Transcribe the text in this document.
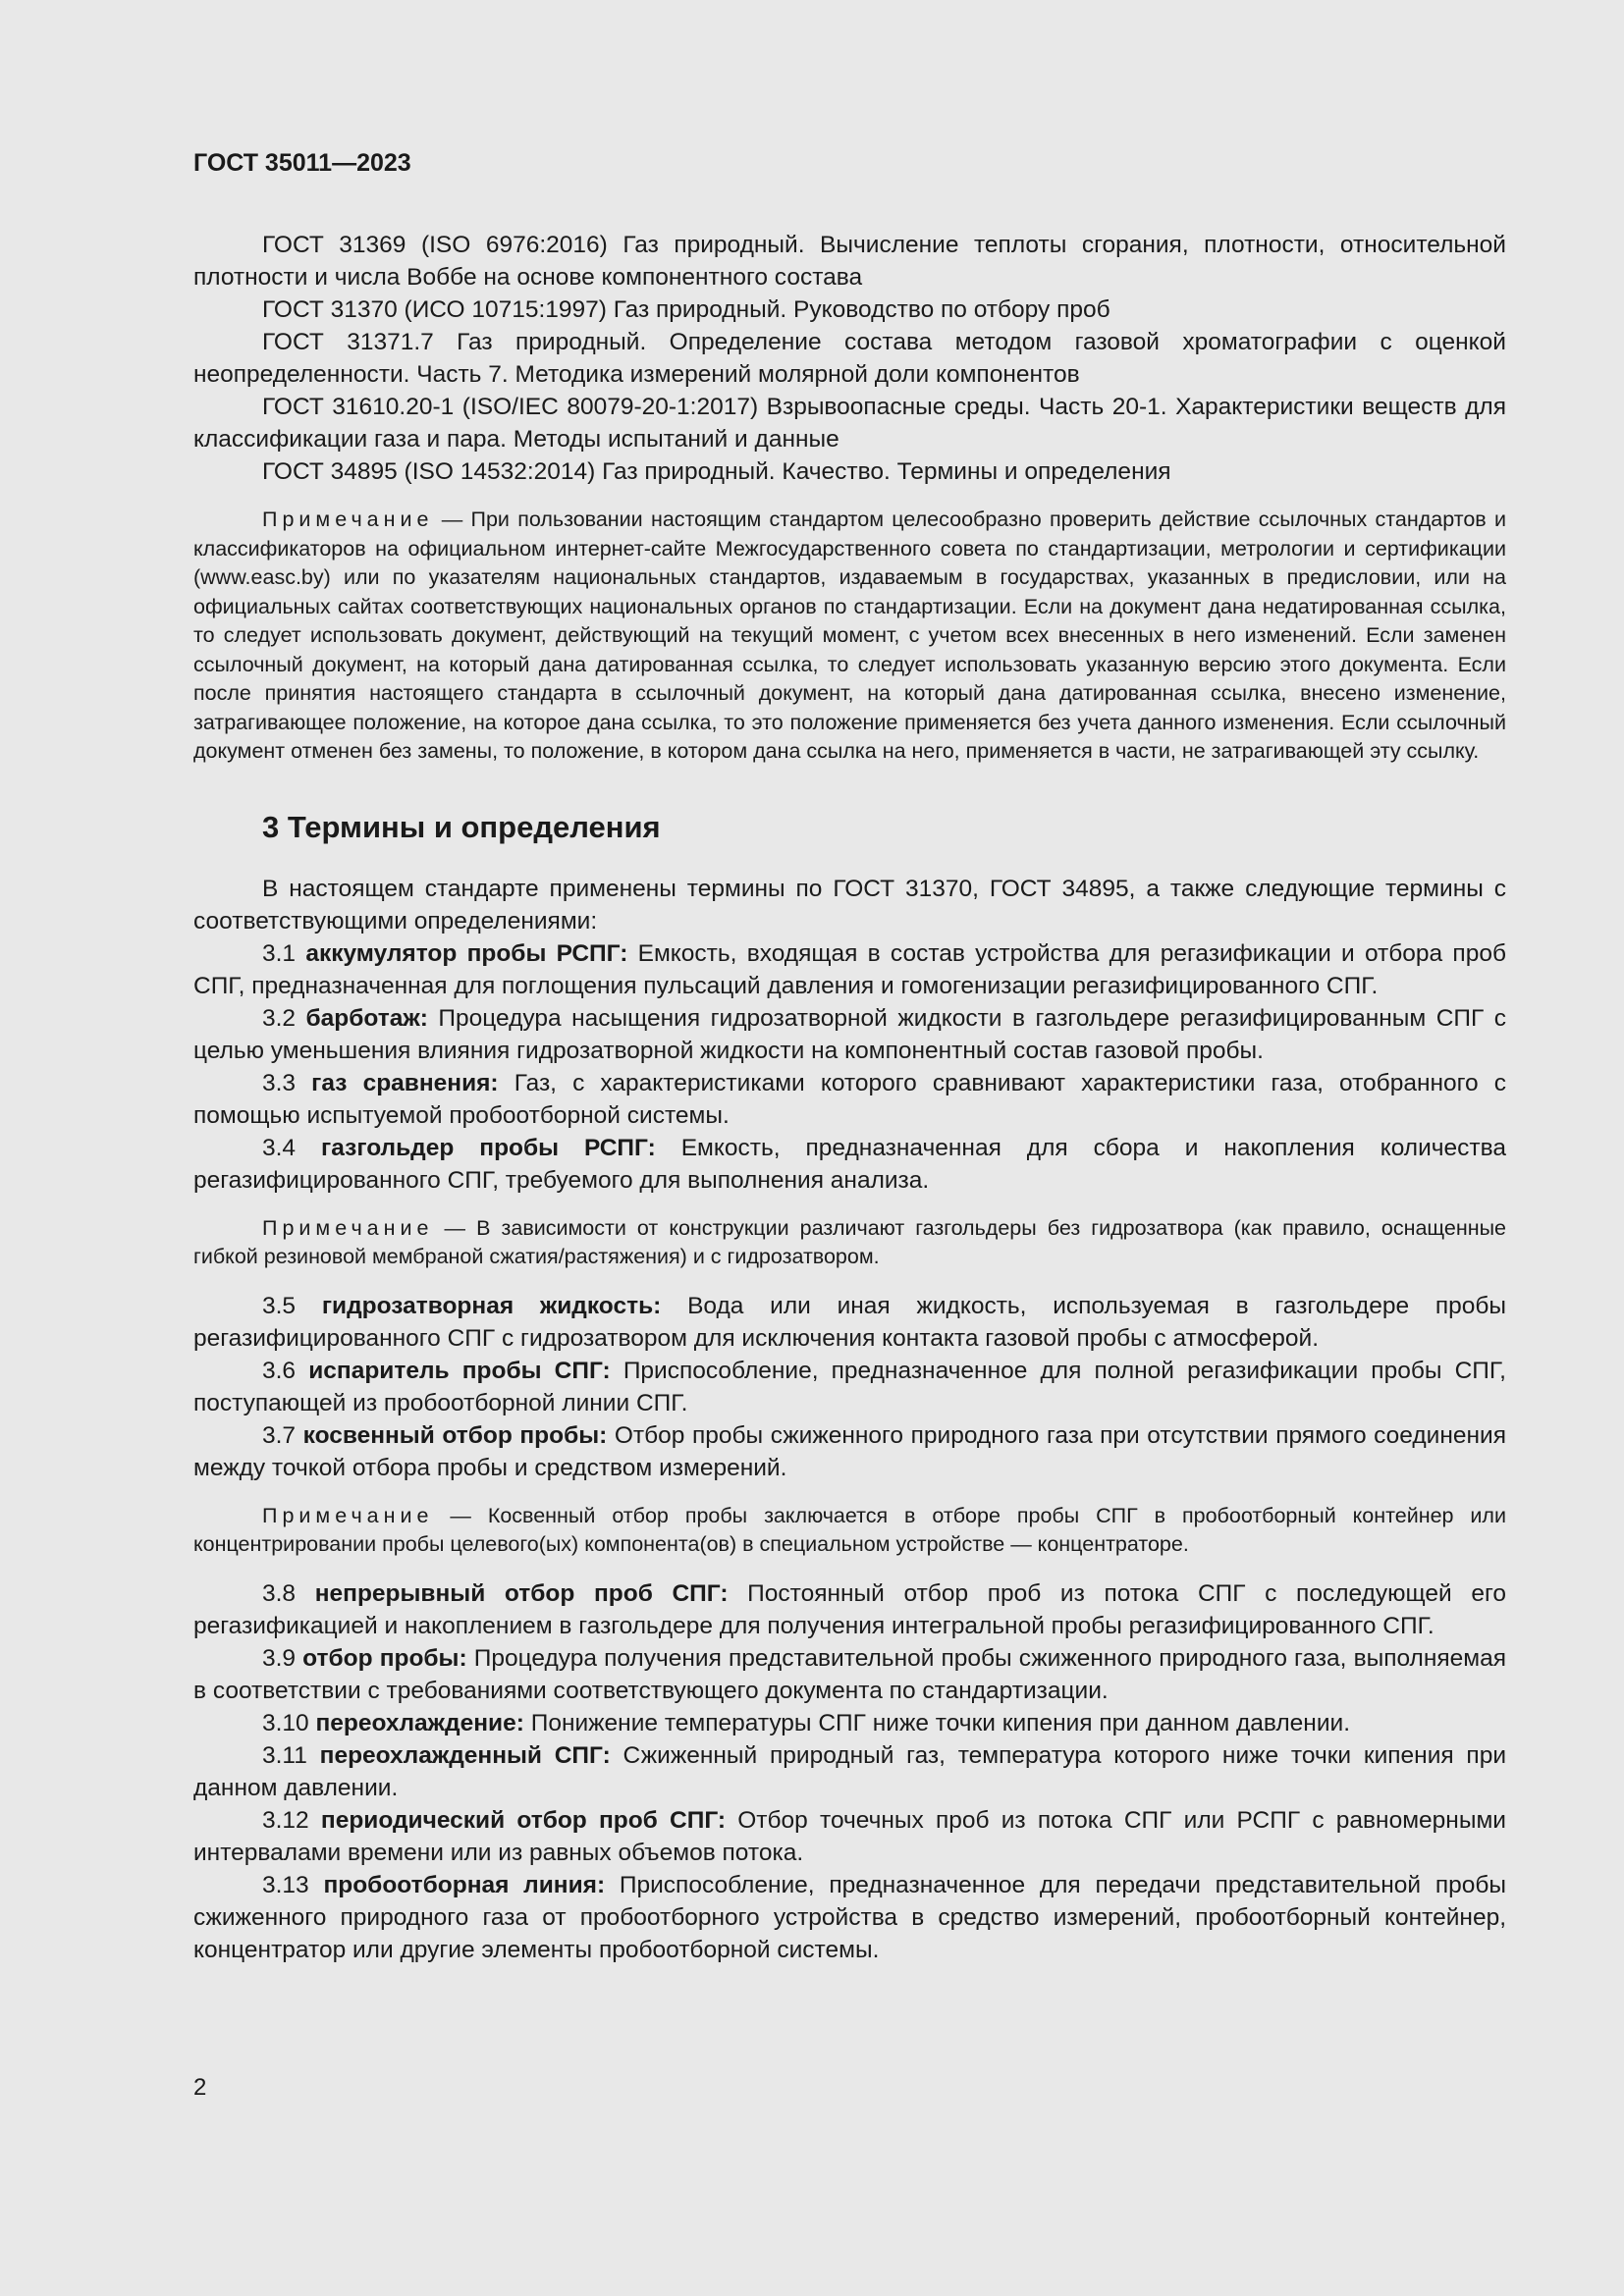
ГОСТ 35011—2023

ГОСТ 31369 (ISO 6976:2016) Газ природный. Вычисление теплоты сгорания, плотности, относительной плотности и числа Воббе на основе компонентного состава

ГОСТ 31370 (ИСО 10715:1997) Газ природный. Руководство по отбору проб

ГОСТ 31371.7 Газ природный. Определение состава методом газовой хроматографии с оценкой неопределенности. Часть 7. Методика измерений молярной доли компонентов

ГОСТ 31610.20-1 (ISO/IEC 80079-20-1:2017) Взрывоопасные среды. Часть 20-1. Характеристики веществ для классификации газа и пара. Методы испытаний и данные

ГОСТ 34895 (ISO 14532:2014) Газ природный. Качество. Термины и определения

Примечание — При пользовании настоящим стандартом целесообразно проверить действие ссылочных стандартов и классификаторов на официальном интернет-сайте Межгосударственного совета по стандартизации, метрологии и сертификации (www.easc.by) или по указателям национальных стандартов, издаваемым в государствах, указанных в предисловии, или на официальных сайтах соответствующих национальных органов по стандартизации. Если на документ дана недатированная ссылка, то следует использовать документ, действующий на текущий момент, с учетом всех внесенных в него изменений. Если заменен ссылочный документ, на который дана датированная ссылка, то следует использовать указанную версию этого документа. Если после принятия настоящего стандарта в ссылочный документ, на который дана датированная ссылка, внесено изменение, затрагивающее положение, на которое дана ссылка, то это положение применяется без учета данного изменения. Если ссылочный документ отменен без замены, то положение, в котором дана ссылка на него, применяется в части, не затрагивающей эту ссылку.

3 Термины и определения

В настоящем стандарте применены термины по ГОСТ 31370, ГОСТ 34895, а также следующие термины с соответствующими определениями:

3.1 аккумулятор пробы РСПГ: Емкость, входящая в состав устройства для регазификации и отбора проб СПГ, предназначенная для поглощения пульсаций давления и гомогенизации регазифицированного СПГ.

3.2 барботаж: Процедура насыщения гидрозатворной жидкости в газгольдере регазифицированным СПГ с целью уменьшения влияния гидрозатворной жидкости на компонентный состав газовой пробы.

3.3 газ сравнения: Газ, с характеристиками которого сравнивают характеристики газа, отобранного с помощью испытуемой пробоотборной системы.

3.4 газгольдер пробы РСПГ: Емкость, предназначенная для сбора и накопления количества регазифицированного СПГ, требуемого для выполнения анализа.

Примечание — В зависимости от конструкции различают газгольдеры без гидрозатвора (как правило, оснащенные гибкой резиновой мембраной сжатия/растяжения) и с гидрозатвором.

3.5 гидрозатворная жидкость: Вода или иная жидкость, используемая в газгольдере пробы регазифицированного СПГ с гидрозатвором для исключения контакта газовой пробы с атмосферой.

3.6 испаритель пробы СПГ: Приспособление, предназначенное для полной регазификации пробы СПГ, поступающей из пробоотборной линии СПГ.

3.7 косвенный отбор пробы: Отбор пробы сжиженного природного газа при отсутствии прямого соединения между точкой отбора пробы и средством измерений.

Примечание — Косвенный отбор пробы заключается в отборе пробы СПГ в пробоотборный контейнер или концентрировании пробы целевого(ых) компонента(ов) в специальном устройстве — концентраторе.

3.8 непрерывный отбор проб СПГ: Постоянный отбор проб из потока СПГ с последующей его регазификацией и накоплением в газгольдере для получения интегральной пробы регазифицированного СПГ.

3.9 отбор пробы: Процедура получения представительной пробы сжиженного природного газа, выполняемая в соответствии с требованиями соответствующего документа по стандартизации.

3.10 переохлаждение: Понижение температуры СПГ ниже точки кипения при данном давлении.

3.11 переохлажденный СПГ: Сжиженный природный газ, температура которого ниже точки кипения при данном давлении.

3.12 периодический отбор проб СПГ: Отбор точечных проб из потока СПГ или РСПГ с равномерными интервалами времени или из равных объемов потока.

3.13 пробоотборная линия: Приспособление, предназначенное для передачи представительной пробы сжиженного природного газа от пробоотборного устройства в средство измерений, пробоотборный контейнер, концентратор или другие элементы пробоотборной системы.

2
